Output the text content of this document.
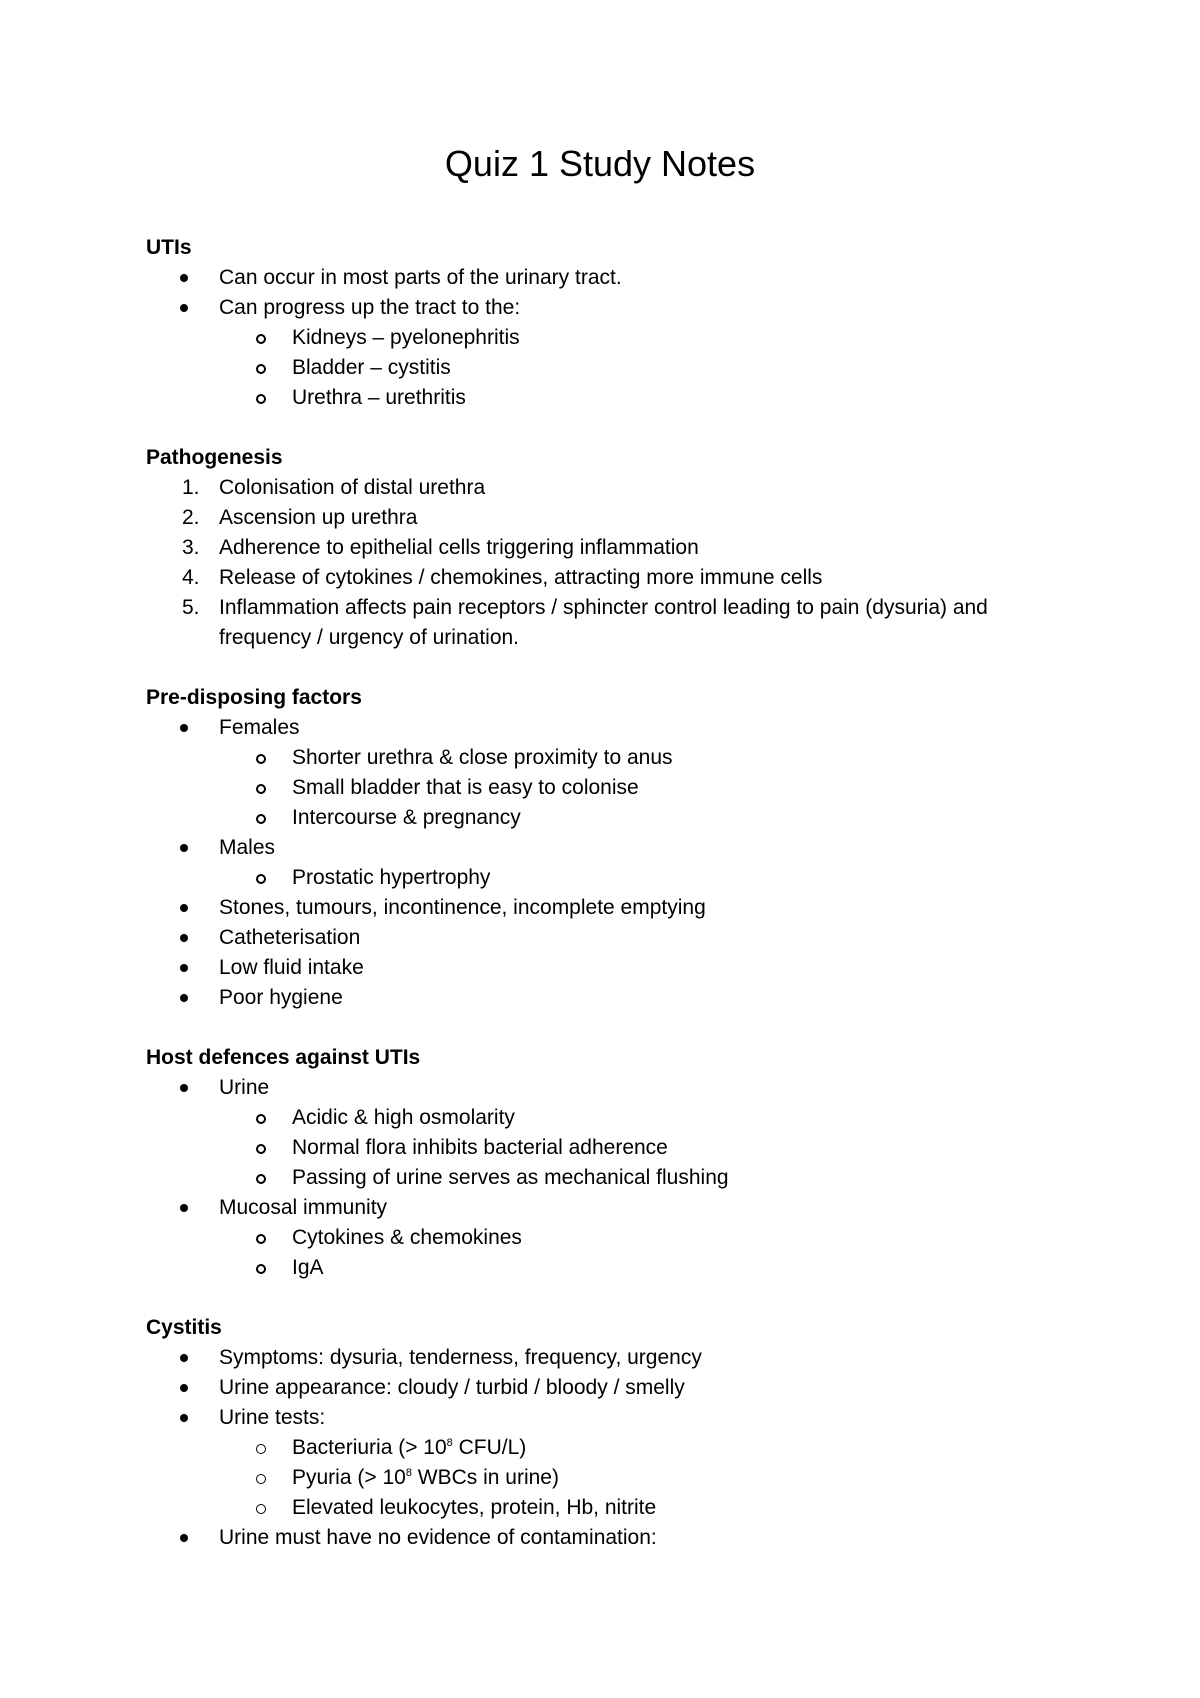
Quiz 1 Study Notes
UTIs
Can occur in most parts of the urinary tract.
Can progress up the tract to the:
Kidneys – pyelonephritis
Bladder – cystitis
Urethra – urethritis
Pathogenesis
1. Colonisation of distal urethra
2. Ascension up urethra
3. Adherence to epithelial cells triggering inflammation
4. Release of cytokines / chemokines, attracting more immune cells
5. Inflammation affects pain receptors / sphincter control leading to pain (dysuria) and frequency / urgency of urination.
Pre-disposing factors
Females
Shorter urethra & close proximity to anus
Small bladder that is easy to colonise
Intercourse & pregnancy
Males
Prostatic hypertrophy
Stones, tumours, incontinence, incomplete emptying
Catheterisation
Low fluid intake
Poor hygiene
Host defences against UTIs
Urine
Acidic & high osmolarity
Normal flora inhibits bacterial adherence
Passing of urine serves as mechanical flushing
Mucosal immunity
Cytokines & chemokines
IgA
Cystitis
Symptoms: dysuria, tenderness, frequency, urgency
Urine appearance: cloudy / turbid / bloody / smelly
Urine tests:
Bacteriuria (> $10^8$ CFU/L)
Pyuria (> $10^8$ WBCs in urine)
Elevated leukocytes, protein, Hb, nitrite
Urine must have no evidence of contamination:
